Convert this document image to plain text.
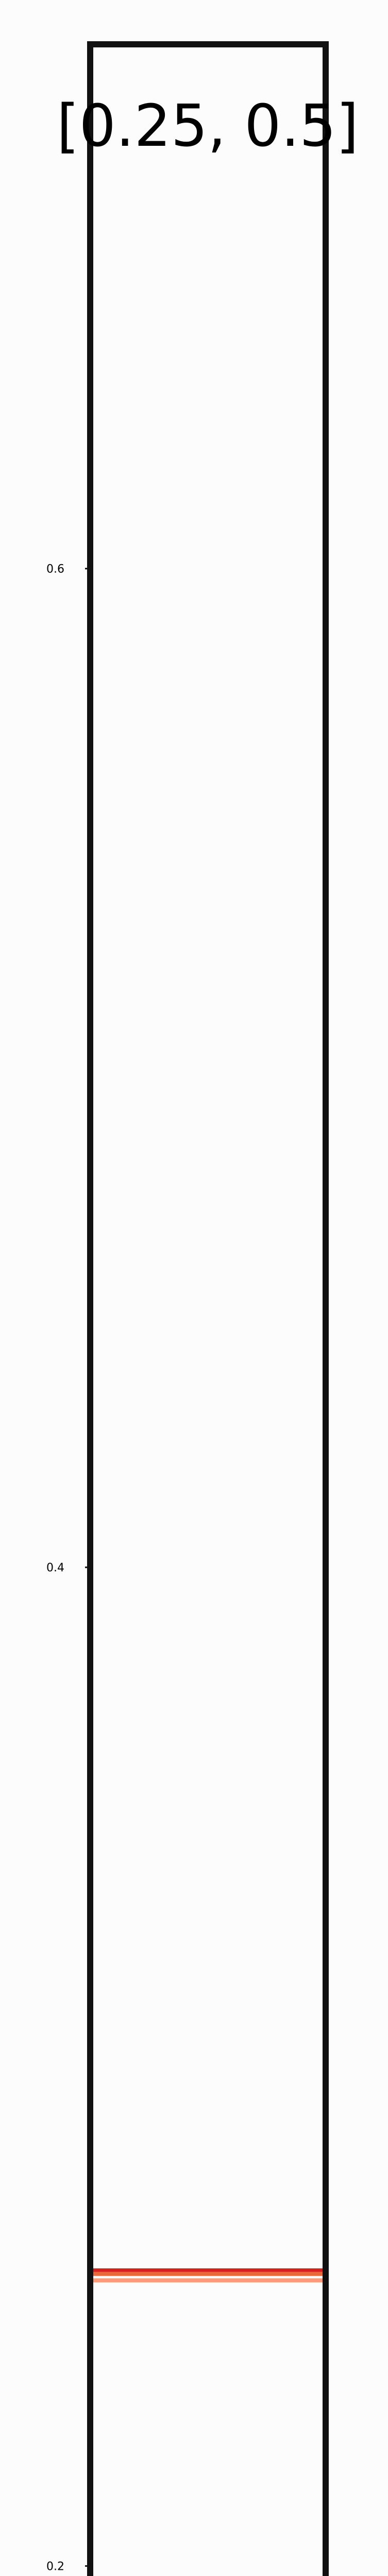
0.6
0.4
0.2
[0.25, 0.5]
